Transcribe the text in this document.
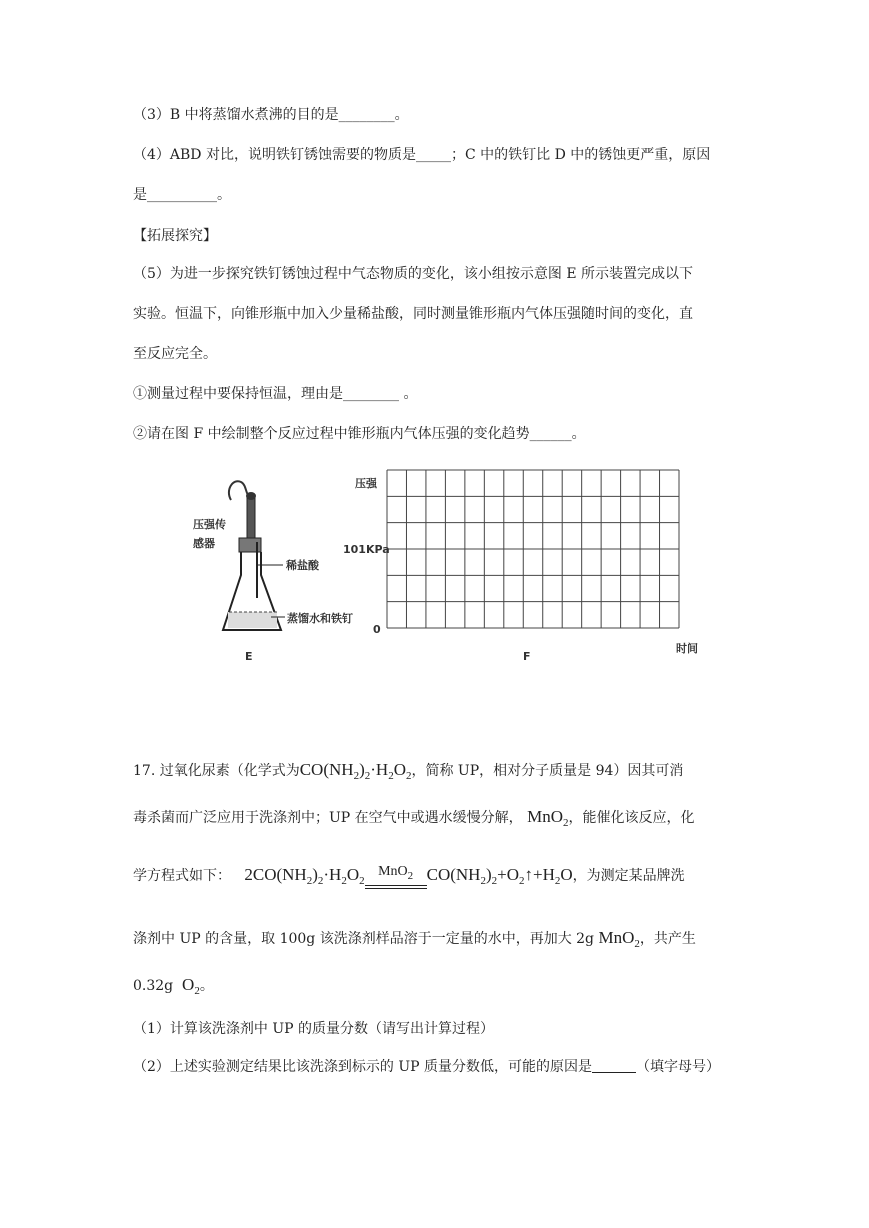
（3）B 中将蒸馏水煮沸的目的是________。
（4）ABD 对比，说明铁钉锈蚀需要的物质是_____；C 中的铁钉比 D 中的锈蚀更严重，原因
是__________。
【拓展探究】
（5）为进一步探究铁钉锈蚀过程中气态物质的变化，该小组按示意图 E 所示装置完成以下
实验。恒温下，向锥形瓶中加入少量稀盐酸，同时测量锥形瓶内气体压强随时间的变化，直
至反应完全。
①测量过程中要保持恒温，理由是________ 。
②请在图 F 中绘制整个反应过程中锥形瓶内气体压强的变化趋势______。
压强传
感器
稀盐酸
蒸馏水和铁钉
E
压强
101KPa
0
时间
F
17. 过氧化尿素（化学式为$CO(NH_2)_2\cdot H_2O_2$，简称 UP，相对分子质量是 94）因其可消
毒杀菌而广泛应用于洗涤剂中；UP 在空气中或遇水缓慢分解， MnO$_2$，能催化该反应，化
学方程式如下： $2CO(NH_2)_2\cdot H_2O_2$
MnO$_2$ $CO(NH_2)_2+O_2↑+H_2O$，为测定某品牌洗
涤剂中 UP 的含量，取 100g 该洗涤剂样品溶于一定量的水中，再加大 2g MnO$_2$，共产生
0.32g $O_2$。
（1）计算该洗涤剂中 UP 的质量分数（请写出计算过程）
（2）上述实验测定结果比该洗涤到标示的 UP 质量分数低，可能的原因是	（填字母号）
